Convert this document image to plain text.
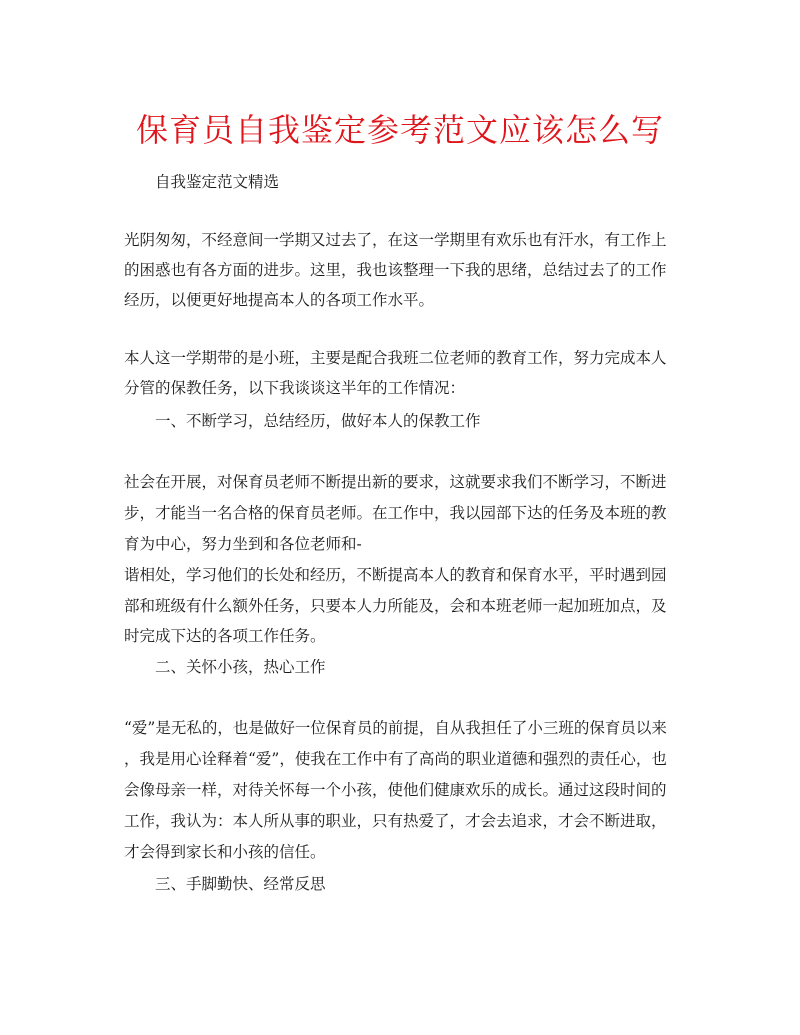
保育员自我鉴定参考范文应该怎么写

自我鉴定范文精选

光阴匆匆，不经意间一学期又过去了，在这一学期里有欢乐也有汗水，有工作上

的困惑也有各方面的进步。这里，我也该整理一下我的思绪，总结过去了的工作

经历，以便更好地提高本人的各项工作水平。

本人这一学期带的是小班，主要是配合我班二位老师的教育工作，努力完成本人

分管的保教任务，以下我谈谈这半年的工作情况：

一、不断学习，总结经历，做好本人的保教工作

社会在开展，对保育员老师不断提出新的要求，这就要求我们不断学习，不断进

步，才能当一名合格的保育员老师。在工作中，我以园部下达的任务及本班的教

育为中心，努力坐到和各位老师和-

谐相处，学习他们的长处和经历，不断提高本人的教育和保育水平，平时遇到园

部和班级有什么额外任务，只要本人力所能及，会和本班老师一起加班加点，及

时完成下达的各项工作任务。

二、关怀小孩，热心工作

“爱”是无私的，也是做好一位保育员的前提，自从我担任了小三班的保育员以来

，我是用心诠释着“爱”，使我在工作中有了高尚的职业道德和强烈的责任心，也

会像母亲一样，对待关怀每一个小孩，使他们健康欢乐的成长。通过这段时间的

工作，我认为：本人所从事的职业，只有热爱了，才会去追求，才会不断进取，

才会得到家长和小孩的信任。

三、手脚勤快、经常反思
